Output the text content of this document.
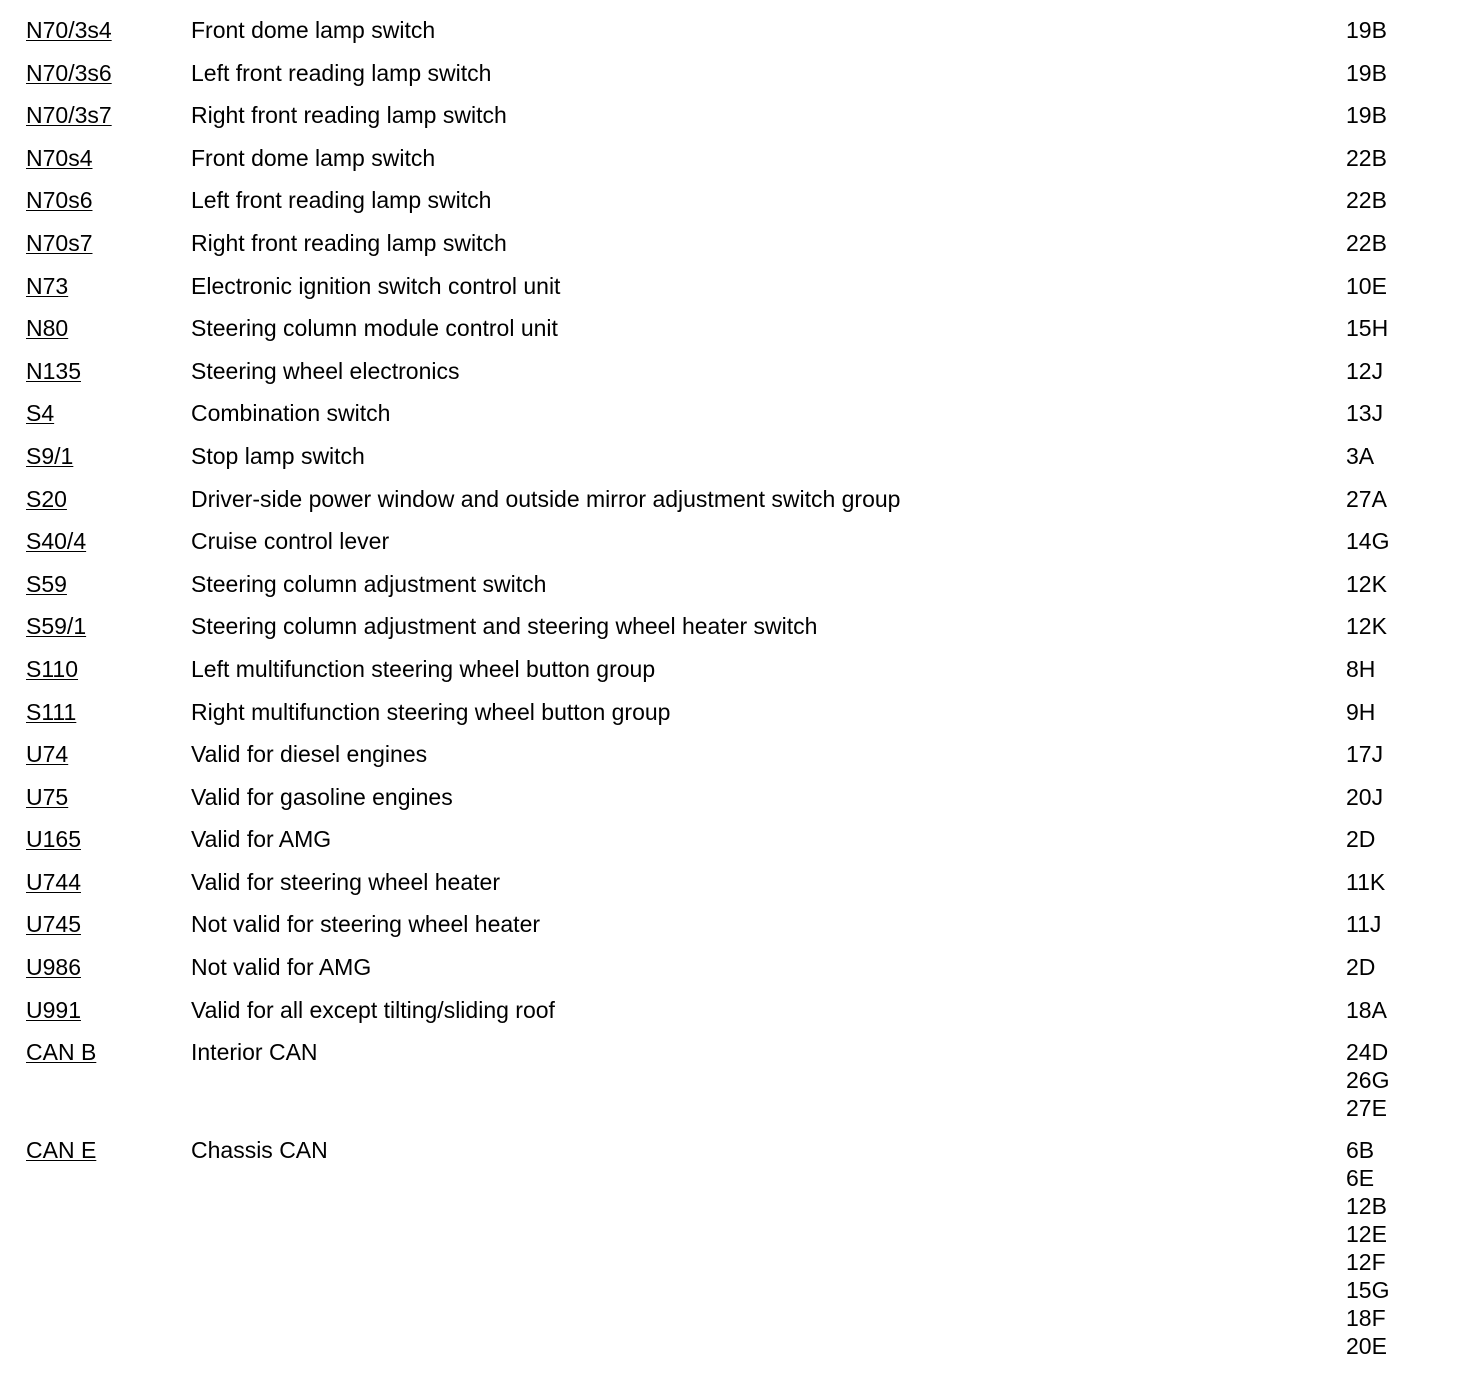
N70/3s4	Front dome lamp switch	19B
N70/3s6	Left front reading lamp switch	19B
N70/3s7	Right front reading lamp switch	19B
N70s4	Front dome lamp switch	22B
N70s6	Left front reading lamp switch	22B
N70s7	Right front reading lamp switch	22B
N73	Electronic ignition switch control unit	10E
N80	Steering column module control unit	15H
N135	Steering wheel electronics	12J
S4	Combination switch	13J
S9/1	Stop lamp switch	3A
S20	Driver-side power window and outside mirror adjustment switch group	27A
S40/4	Cruise control lever	14G
S59	Steering column adjustment switch	12K
S59/1	Steering column adjustment and steering wheel heater switch	12K
S110	Left multifunction steering wheel button group	8H
S111	Right multifunction steering wheel button group	9H
U74	Valid for diesel engines	17J
U75	Valid for gasoline engines	20J
U165	Valid for AMG	2D
U744	Valid for steering wheel heater	11K
U745	Not valid for steering wheel heater	11J
U986	Not valid for AMG	2D
U991	Valid for all except tilting/sliding roof	18A
CAN B	Interior CAN	24D
26G
27E
CAN E	Chassis CAN	6B
6E
12B
12E
12F
15G
18F
20E
